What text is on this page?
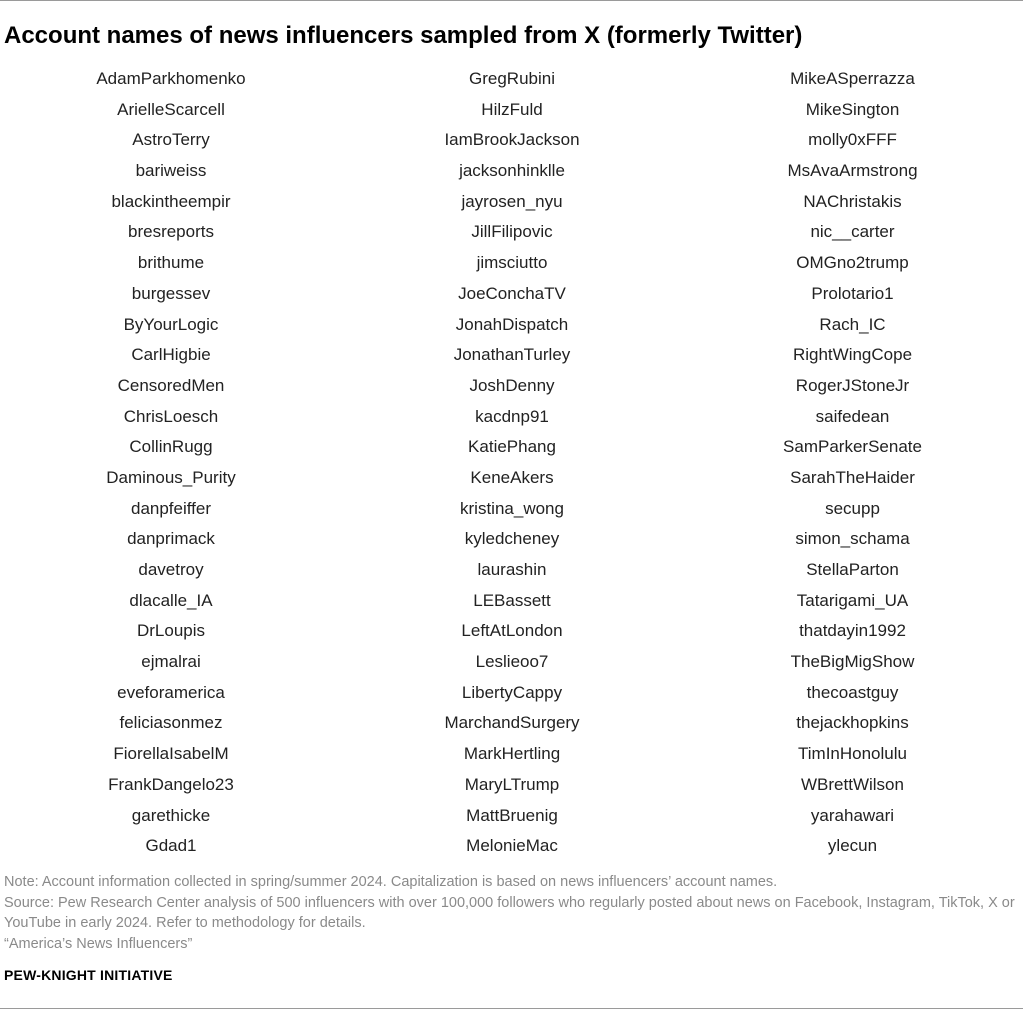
Account names of news influencers sampled from X (formerly Twitter)
AdamParkhomenko
ArielleScarcell
AstroTerry
bariweiss
blackintheempir
bresreports
brithume
burgessev
ByYourLogic
CarlHigbie
CensoredMen
ChrisLoesch
CollinRugg
Daminous_Purity
danpfeiffer
danprimack
davetroy
dlacalle_IA
DrLoupis
ejmalrai
eveforamerica
feliciasonmez
FiorellaIsabelM
FrankDangelo23
garethicke
Gdad1
GregRubini
HilzFuld
IamBrookJackson
jacksonhinklle
jayrosen_nyu
JillFilipovic
jimsciutto
JoeConchaTV
JonahDispatch
JonathanTurley
JoshDenny
kacdnp91
KatiePhang
KeneAkers
kristina_wong
kyledcheney
laurashin
LEBassett
LeftAtLondon
Leslieoo7
LibertyCappy
MarchandSurgery
MarkHertling
MaryLTrump
MattBruenig
MelonieMac
MikeASperrazza
MikeSington
molly0xFFF
MsAvaArmstrong
NAChristakis
nic__carter
OMGno2trump
Prolotario1
Rach_IC
RightWingCope
RogerJStoneJr
saifedean
SamParkerSenate
SarahTheHaider
secupp
simon_schama
StellaParton
Tatarigami_UA
thatdayin1992
TheBigMigShow
thecoastguy
thejackhopkins
TimInHonolulu
WBrettWilson
yarahawari
ylecun
Note: Account information collected in spring/summer 2024. Capitalization is based on news influencers’ account names.
Source: Pew Research Center analysis of 500 influencers with over 100,000 followers who regularly posted about news on Facebook, Instagram, TikTok, X or YouTube in early 2024. Refer to methodology for details.
“America’s News Influencers”
PEW-KNIGHT INITIATIVE
